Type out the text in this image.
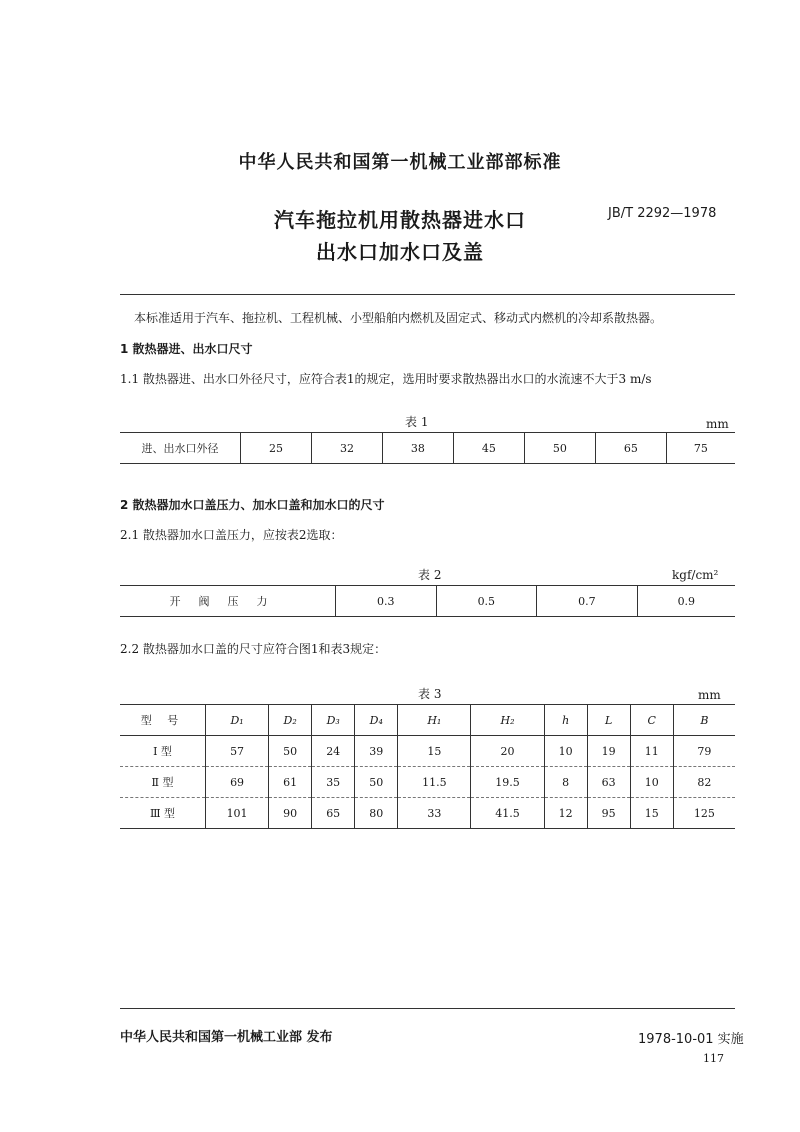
中华人民共和国第一机械工业部部标准
汽车拖拉机用散热器进水口
出水口加水口及盖
JB/T 2292—1978
本标准适用于汽车、拖拉机、工程机械、小型船舶内燃机及固定式、移动式内燃机的冷却系散热器。
1 散热器进、出水口尺寸
1.1 散热器进、出水口外径尺寸，应符合表1的规定，选用时要求散热器出水口的水流速不大于3 m/s
表 1	mm
进、出水口外径	25	32	38	45	50	65	75
2 散热器加水口盖压力、加水口盖和加水口的尺寸
2.1 散热器加水口盖压力，应按表2选取：
表 2	kgf/cm²
开阀压力	0.3	0.5	0.7	0.9
2.2 散热器加水口盖的尺寸应符合图1和表3规定：
表 3	mm
型 号	D₁	D₂	D₃	D₄	H₁	H₂	h	L	C	B
Ⅰ 型	57	50	24	39	15	20	10	19	11	79
Ⅱ 型	69	61	35	50	11.5	19.5	8	63	10	82
Ⅲ 型	101	90	65	80	33	41.5	12	95	15	125
中华人民共和国第一机械工业部 发布	1978-10-01 实施
117
